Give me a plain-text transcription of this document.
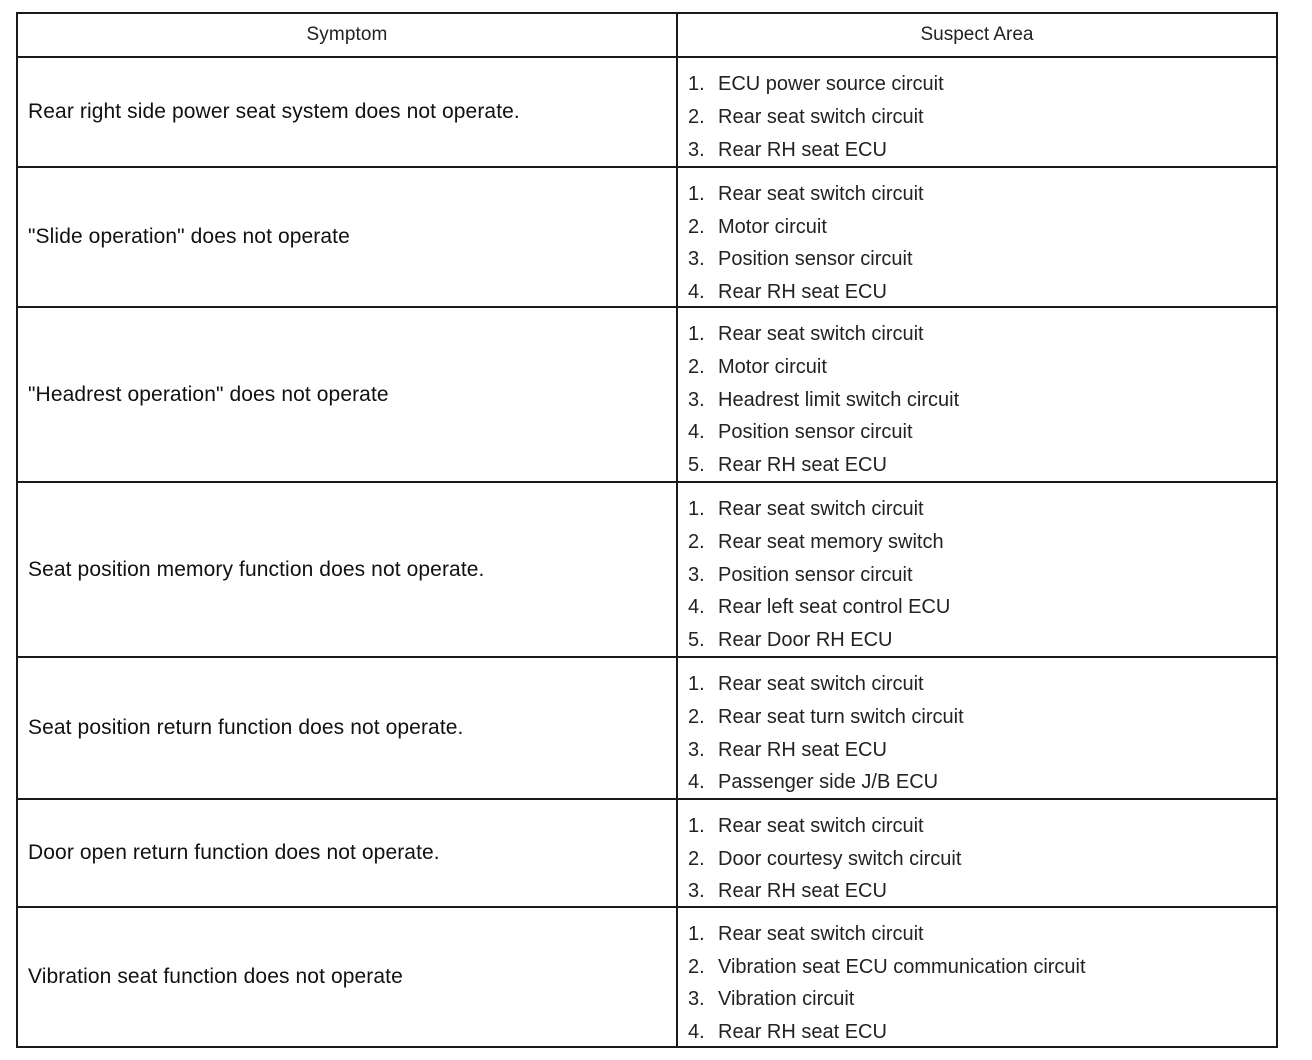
Symptom	Suspect Area
Rear right side power seat system does not operate.
1. ECU power source circuit
2. Rear seat switch circuit
3. Rear RH seat ECU
"Slide operation" does not operate
1. Rear seat switch circuit
2. Motor circuit
3. Position sensor circuit
4. Rear RH seat ECU
"Headrest operation" does not operate
1. Rear seat switch circuit
2. Motor circuit
3. Headrest limit switch circuit
4. Position sensor circuit
5. Rear RH seat ECU
Seat position memory function does not operate.
1. Rear seat switch circuit
2. Rear seat memory switch
3. Position sensor circuit
4. Rear left seat control ECU
5. Rear Door RH ECU
Seat position return function does not operate.
1. Rear seat switch circuit
2. Rear seat turn switch circuit
3. Rear RH seat ECU
4. Passenger side J/B ECU
Door open return function does not operate.
1. Rear seat switch circuit
2. Door courtesy switch circuit
3. Rear RH seat ECU
Vibration seat function does not operate
1. Rear seat switch circuit
2. Vibration seat ECU communication circuit
3. Vibration circuit
4. Rear RH seat ECU
